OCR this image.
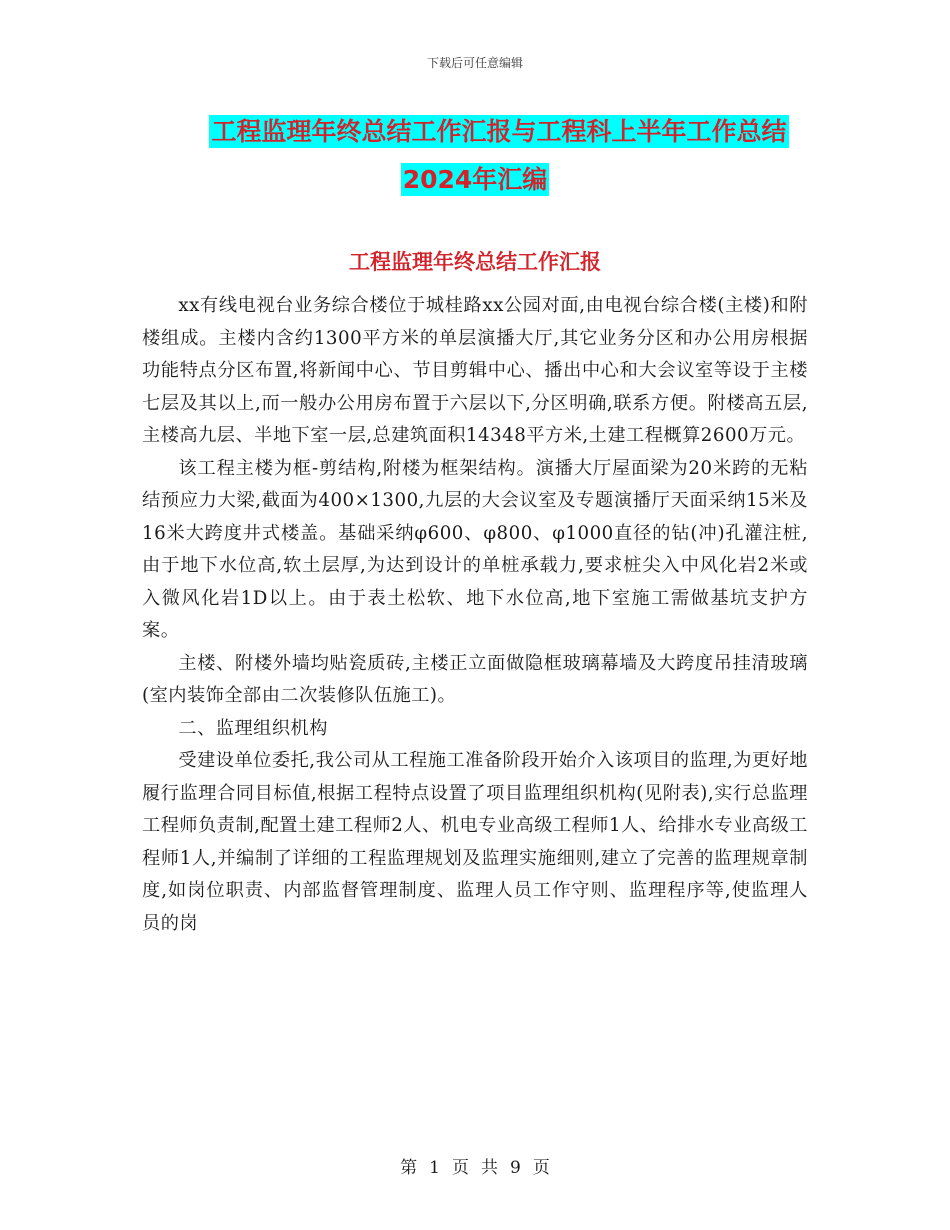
下载后可任意编辑
工程监理年终总结工作汇报与工程科上半年工作总结
2024年汇编
工程监理年终总结工作汇报

xx有线电视台业务综合楼位于城桂路xx公园对面,由电视台综合楼(主楼)和附楼组成。主楼内含约1300平方米的单层演播大厅,其它业务分区和办公用房根据功能特点分区布置,将新闻中心、节目剪辑中心、播出中心和大会议室等设于主楼七层及其以上,而一般办公用房布置于六层以下,分区明确,联系方便。附楼高五层,主楼高九层、半地下室一层,总建筑面积14348平方米,土建工程概算2600万元。

该工程主楼为框-剪结构,附楼为框架结构。演播大厅屋面梁为20米跨的无粘结预应力大梁,截面为400×1300,九层的大会议室及专题演播厅天面采纳15米及16米大跨度井式楼盖。基础采纳φ600、φ800、φ1000直径的钻(冲)孔灌注桩,由于地下水位高,软土层厚,为达到设计的单桩承载力,要求桩尖入中风化岩2米或入微风化岩1D以上。由于表土松软、地下水位高,地下室施工需做基坑支护方案。

主楼、附楼外墙均贴瓷质砖,主楼正立面做隐框玻璃幕墙及大跨度吊挂清玻璃(室内装饰全部由二次装修队伍施工)。

二、监理组织机构

受建设单位委托,我公司从工程施工准备阶段开始介入该项目的监理,为更好地履行监理合同目标值,根据工程特点设置了项目监理组织机构(见附表),实行总监理工程师负责制,配置土建工程师2人、机电专业高级工程师1人、给排水专业高级工程师1人,并编制了详细的工程监理规划及监理实施细则,建立了完善的监理规章制度,如岗位职责、内部监督管理制度、监理人员工作守则、监理程序等,使监理人员的岗

第 1 页 共 9 页
